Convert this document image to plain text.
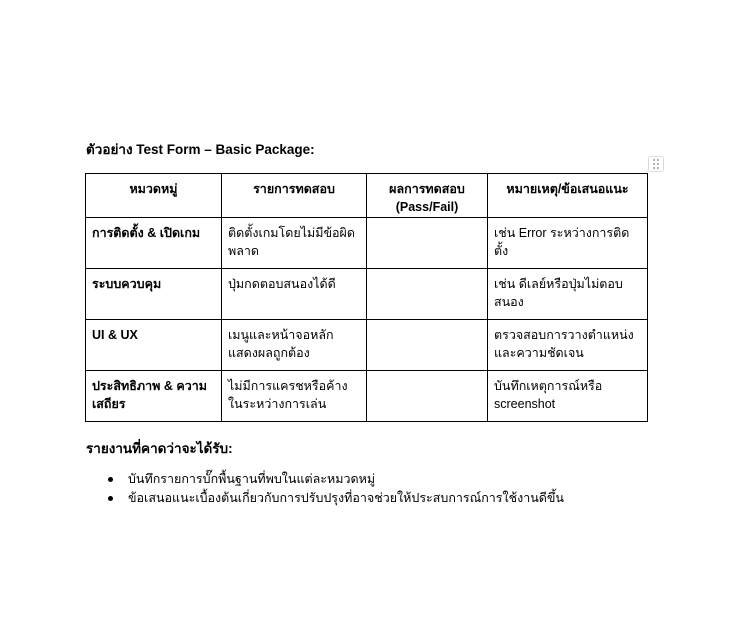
ตัวอย่าง Test Form – Basic Package:

หมวดหมู่	รายการทดสอบ	ผลการทดสอบ (Pass/Fail)	หมายเหตุ/ข้อเสนอแนะ
การติดตั้ง & เปิดเกม	ติดตั้งเกมโดยไม่มีข้อผิดพลาด		เช่น Error ระหว่างการติดตั้ง
ระบบควบคุม	ปุ่มกดตอบสนองได้ดี		เช่น ดีเลย์หรือปุ่มไม่ตอบสนอง
UI & UX	เมนูและหน้าจอหลักแสดงผลถูกต้อง		ตรวจสอบการวางตำแหน่งและความชัดเจน
ประสิทธิภาพ & ความเสถียร	ไม่มีการแครชหรือค้างในระหว่างการเล่น		บันทึกเหตุการณ์หรือ screenshot

รายงานที่คาดว่าจะได้รับ:

บันทึกรายการบั๊กพื้นฐานที่พบในแต่ละหมวดหมู่
ข้อเสนอแนะเบื้องต้นเกี่ยวกับการปรับปรุงที่อาจช่วยให้ประสบการณ์การใช้งานดีขึ้น
